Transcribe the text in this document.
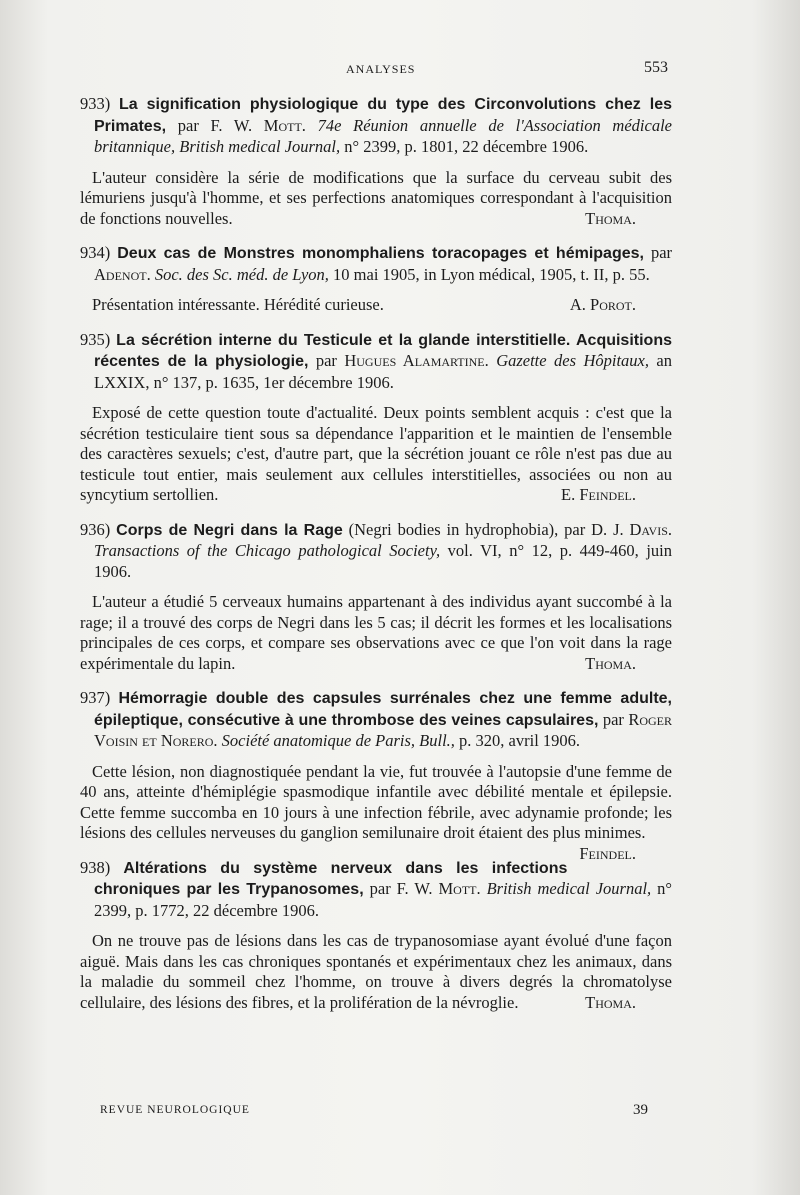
ANALYSES	553
933) La signification physiologique du type des Circonvolutions chez les Primates, par F. W. Mott. 74e Réunion annuelle de l'Association médicale britannique, British medical Journal, n° 2399, p. 1801, 22 décembre 1906.
L'auteur considère la série de modifications que la surface du cerveau subit des lémuriens jusqu'à l'homme, et ses perfections anatomiques correspondant à l'acquisition de fonctions nouvelles.	Thoma.
934) Deux cas de Monstres monomphaliens toracopages et hémipages, par Adenot. Soc. des Sc. méd. de Lyon, 10 mai 1905, in Lyon médical, 1905, t. II, p. 55.
Présentation intéressante. Hérédité curieuse.	A. Porot.
935) La sécrétion interne du Testicule et la glande interstitielle. Acquisitions récentes de la physiologie, par Hugues Alamartine. Gazette des Hôpitaux, an LXXIX, n° 137, p. 1635, 1er décembre 1906.
Exposé de cette question toute d'actualité. Deux points semblent acquis : c'est que la sécrétion testiculaire tient sous sa dépendance l'apparition et le maintien de l'ensemble des caractères sexuels; c'est, d'autre part, que la sécrétion jouant ce rôle n'est pas due au testicule tout entier, mais seulement aux cellules interstitielles, associées ou non au syncytium sertollien.	E. Feindel.
936) Corps de Negri dans la Rage (Negri bodies in hydrophobia), par D. J. Davis. Transactions of the Chicago pathological Society, vol. VI, n° 12, p. 449-460, juin 1906.
L'auteur a étudié 5 cerveaux humains appartenant à des individus ayant succombé à la rage; il a trouvé des corps de Negri dans les 5 cas; il décrit les formes et les localisations principales de ces corps, et compare ses observations avec ce que l'on voit dans la rage expérimentale du lapin.	Thoma.
937) Hémorragie double des capsules surrénales chez une femme adulte, épileptique, consécutive à une thrombose des veines capsulaires, par Roger Voisin et Norero. Société anatomique de Paris, Bull., p. 320, avril 1906.
Cette lésion, non diagnostiquée pendant la vie, fut trouvée à l'autopsie d'une femme de 40 ans, atteinte d'hémiplégie spasmodique infantile avec débilité mentale et épilepsie. Cette femme succomba en 10 jours à une infection fébrile, avec adynamie profonde; les lésions des cellules nerveuses du ganglion semilunaire droit étaient des plus minimes.
Feindel.
938) Altérations du système nerveux dans les infections chroniques par les Trypanosomes, par F. W. Mott. British medical Journal, n° 2399, p. 1772, 22 décembre 1906.
On ne trouve pas de lésions dans les cas de trypanosomiase ayant évolué d'une façon aiguë. Mais dans les cas chroniques spontanés et expérimentaux chez les animaux, dans la maladie du sommeil chez l'homme, on trouve à divers degrés la chromatolyse cellulaire, des lésions des fibres, et la prolifération de la névroglie.	Thoma.
REVUE NEUROLOGIQUE	39
